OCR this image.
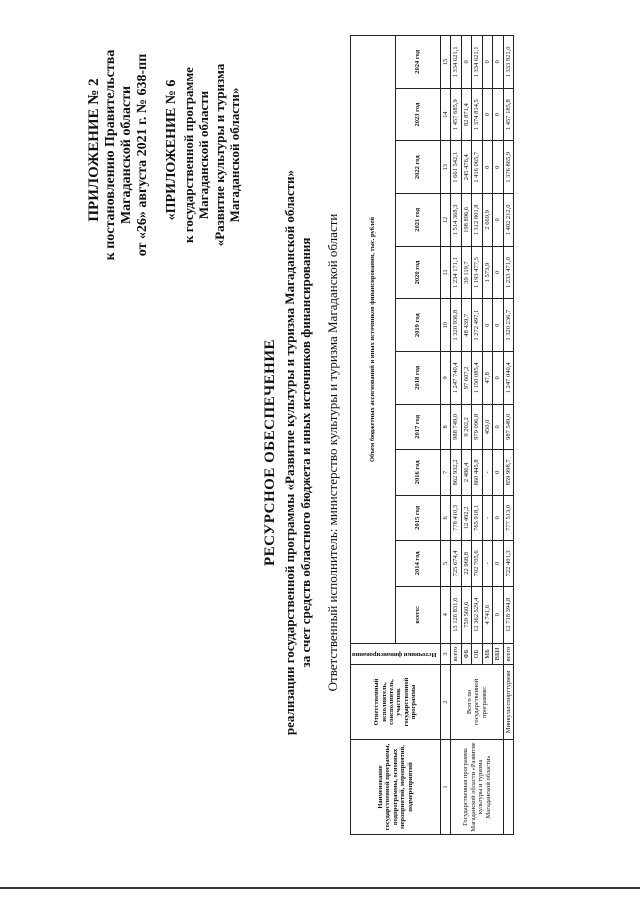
ПРИЛОЖЕНИЕ № 2 к постановлению Правительства Магаданской области от «26» августа 2021 г. № 638-пп «ПРИЛОЖЕНИЕ № 6 к государственной программе Магаданской области «Развитие культуры и туризма Магаданской области»
РЕСУРСНОЕ ОБЕСПЕЧЕНИЕ реализации государственной программы «Развитие культуры и туризма Магаданской области» за счет средств областного бюджета и иных источников финансирования Ответственный исполнитель: министерство культуры и туризма Магаданской области
Наименование государственной программы, подпрограммы, основных мероприятий, мероприятий, подмероприятий	Ответственный исполнитель, соисполнитель, участник государственной программы	Источники финансирования	Объем бюджетных ассигнований и иных источников финансирования, тыс. рублей											
			всего:	2014 год	2015 год	2016 год	2017 год	2018 год	2019 год	2020 год	2021 год	2022 год	2023 год	2024 год
1	2	3	4	5	6	7	8	9	10	11	12	13	14	15
Государственная программа Магаданской области «Развитие культуры и туризма Магаданской области»	Всего по государственной программе:	всего	13 126 831,6	725 674,4	778 410,3	862 932,2	988 749,0	1 247 740,4	1 320 936,8	1 234 171,1	1 514 368,3	1 661 542,1	1 457 685,9	1 334 621,1
		ФБ	759 560,6	22 968,8	12 492,2	2 486,4	9 202,2	97 607,2	48 439,7	39 119,7	198 896,6	245 476,4	82 871,4	0
		ОБ	12 362 529,4	702 705,6	765 918,1	860 445,8	979 096,8	1 150 085,4	1 272 497,1	1 193 477,5	1 312 801,8	1 416 065,7	1 374 814,5	1 334 621,1
		МБ	4 741,6	-	-	-	450,0	47,8	0	1 573,9	2 669,9	0	0	0
		ВБИ	0	0	0	0	0	0	0	0	0	0	0	0
	Минкультспорттуризм	всего	12 718 394,8	722 401,3	777 513,0	859 998,7	987 549,0	1 247 040,4	1 320 236,7	1 233 471,0	1 402 212,0	1 376 865,9	1 457 185,8	1 333 921,0
